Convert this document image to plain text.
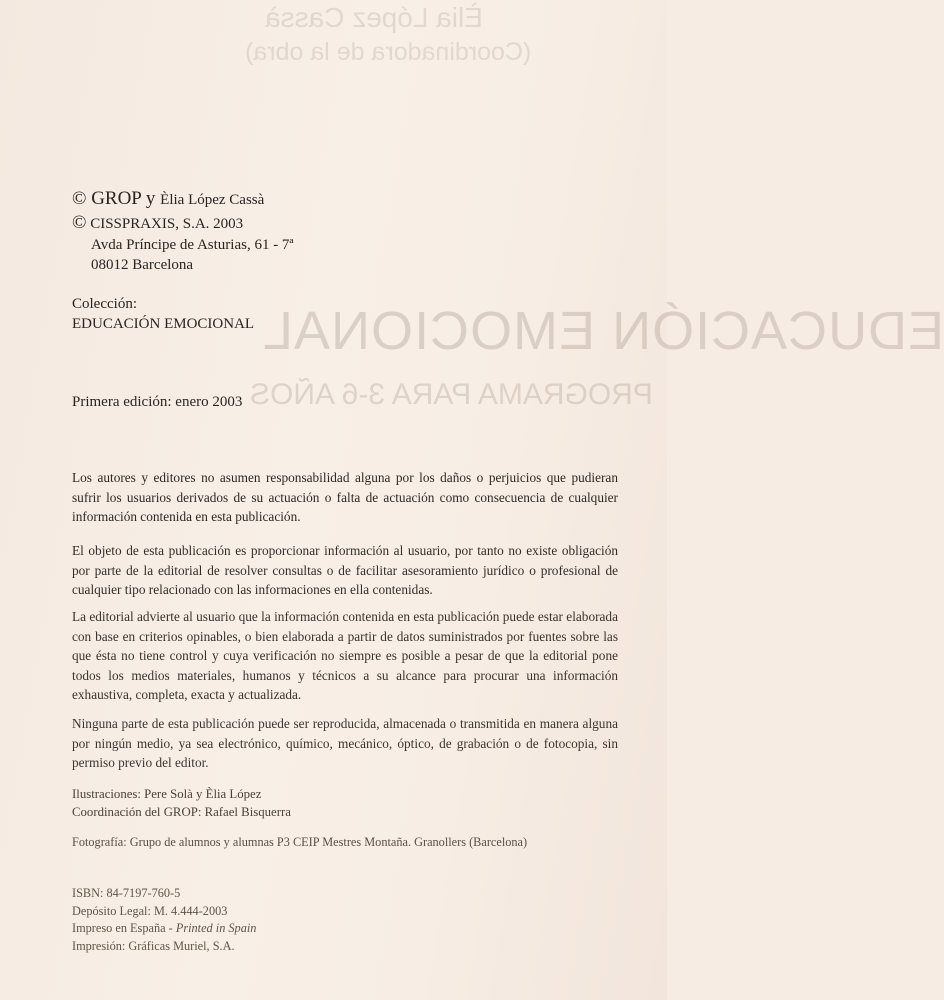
Èlia López Cassà
(Coordinadora de la obra)
EDUCACIÓN EMOCIONAL
PROGRAMA PARA 3-6 AÑOS

© GROP y Èlia López Cassà

© CISSPRAXIS, S.A. 2003

Avda Príncipe de Asturias, 61 - 7ª

08012 Barcelona

Colección:

EDUCACIÓN EMOCIONAL

Primera edición: enero 2003

Los autores y editores no asumen responsabilidad alguna por los daños o perjuicios que pudieran sufrir los usuarios derivados de su actuación o falta de actuación como consecuencia de cualquier información contenida en esta publicación.

El objeto de esta publicación es proporcionar información al usuario, por tanto no existe obligación por parte de la editorial de resolver consultas o de facilitar asesoramiento jurídico o profesional de cualquier tipo relacionado con las informaciones en ella contenidas.

La editorial advierte al usuario que la información contenida en esta publicación puede estar elaborada con base en criterios opinables, o bien elaborada a partir de datos suministrados por fuentes sobre las que ésta no tiene control y cuya verificación no siempre es posible a pesar de que la editorial pone todos los medios materiales, humanos y técnicos a su alcance para procurar una información exhaustiva, completa, exacta y actualizada.

Ninguna parte de esta publicación puede ser reproducida, almacenada o transmitida en manera alguna por ningún medio, ya sea electrónico, químico, mecánico, óptico, de grabación o de fotocopia, sin permiso previo del editor.

Ilustraciones: Pere Solà y Èlia López

Coordinación del GROP: Rafael Bisquerra

Fotografía: Grupo de alumnos y alumnas P3 CEIP Mestres Montaña. Granollers (Barcelona)

ISBN: 84-7197-760-5

Depósito Legal: M. 4.444-2003

Impreso en España - Printed in Spain

Impresión: Gráficas Muriel, S.A.
